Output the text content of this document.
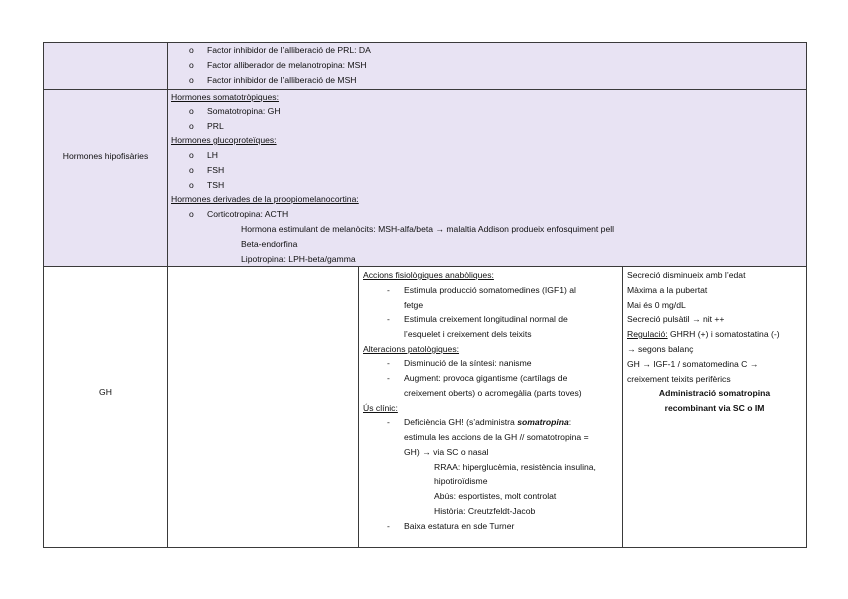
o Factor inhibidor de l’alliberació de PRL: DA
o Factor alliberador de melanotropina: MSH
o Factor inhibidor de l’alliberació de MSH
Hormones hipofisàries
Hormones somatotròpiques:
o Somatotropina: GH
o PRL
Hormones glucoproteïques:
o LH
o FSH
o TSH
Hormones derivades de la proopiomelanocortina:
o Corticotropina: ACTH
Hormona estimulant de melanòcits: MSH-alfa/beta → malaltia Addison produeix enfosquiment pell
Beta-endorfina
Lipotropina: LPH-beta/gamma
GH
Accions fisiològiques anabòliques:
- Estimula producció somatomedines (IGF1) al
fetge
- Estimula creixement longitudinal normal de
l’esquelet i creixement dels teixits
Alteracions patològiques:
- Disminució de la síntesi: nanisme
- Augment: provoca gigantisme (cartílags de
creixement oberts) o acromegàlia (parts toves)
Ús clínic:
- Deficiència GH! (s’administra somatropina:
estimula les accions de la GH // somatotropina =
GH) → via SC o nasal
RRAA: hiperglucèmia, resistència insulina,
hipotiroïdisme
Abús: esportistes, molt controlat
Història: Creutzfeldt-Jacob
- Baixa estatura en sde Turner
Secreció disminueix amb l’edat
Màxima a la pubertat
Mai és 0 mg/dL
Secreció pulsàtil → nit ++
Regulació: GHRH (+) i somatostatina (-)
→ segons balanç
GH → IGF-1 / somatomedina C →
creixement teixits perifèrics
Administració somatropina
recombinant via SC o IM
